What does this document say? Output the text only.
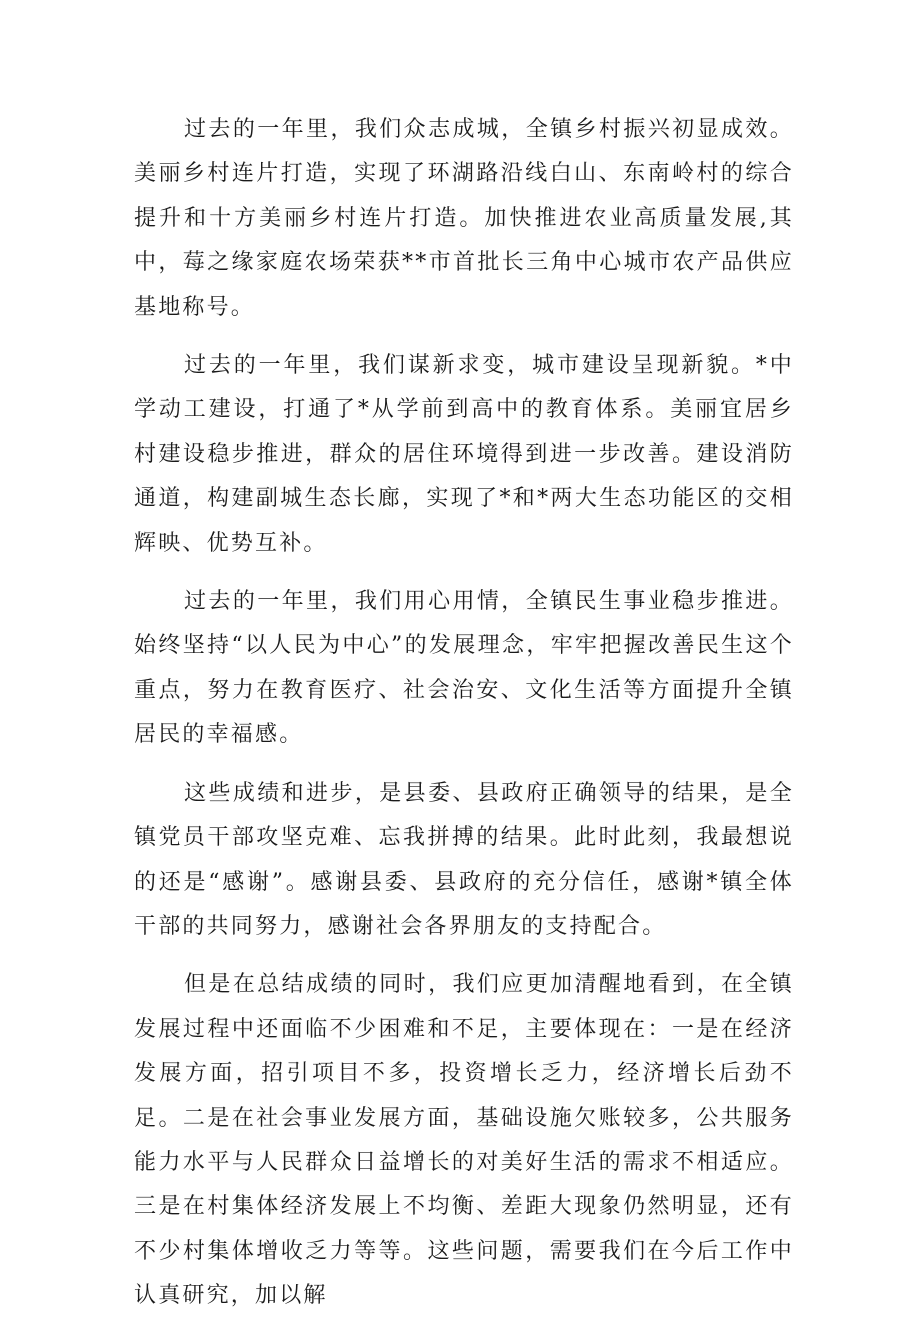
过去的一年里，我们众志成城，全镇乡村振兴初显成效。美丽乡村连片打造，实现了环湖路沿线白山、东南岭村的综合提升和十方美丽乡村连片打造。加快推进农业高质量发展,其中，莓之缘家庭农场荣获**市首批长三角中心城市农产品供应基地称号。

过去的一年里，我们谋新求变，城市建设呈现新貌。*中学动工建设，打通了*从学前到高中的教育体系。美丽宜居乡村建设稳步推进，群众的居住环境得到进一步改善。建设消防通道，构建副城生态长廊，实现了*和*两大生态功能区的交相辉映、优势互补。

过去的一年里，我们用心用情，全镇民生事业稳步推进。始终坚持“以人民为中心”的发展理念，牢牢把握改善民生这个重点，努力在教育医疗、社会治安、文化生活等方面提升全镇居民的幸福感。

这些成绩和进步，是县委、县政府正确领导的结果，是全镇党员干部攻坚克难、忘我拼搏的结果。此时此刻，我最想说的还是“感谢”。感谢县委、县政府的充分信任，感谢*镇全体干部的共同努力，感谢社会各界朋友的支持配合。

但是在总结成绩的同时，我们应更加清醒地看到，在全镇发展过程中还面临不少困难和不足，主要体现在：一是在经济发展方面，招引项目不多，投资增长乏力，经济增长后劲不足。二是在社会事业发展方面，基础设施欠账较多，公共服务能力水平与人民群众日益增长的对美好生活的需求不相适应。三是在村集体经济发展上不均衡、差距大现象仍然明显，还有不少村集体增收乏力等等。这些问题，需要我们在今后工作中认真研究，加以解
